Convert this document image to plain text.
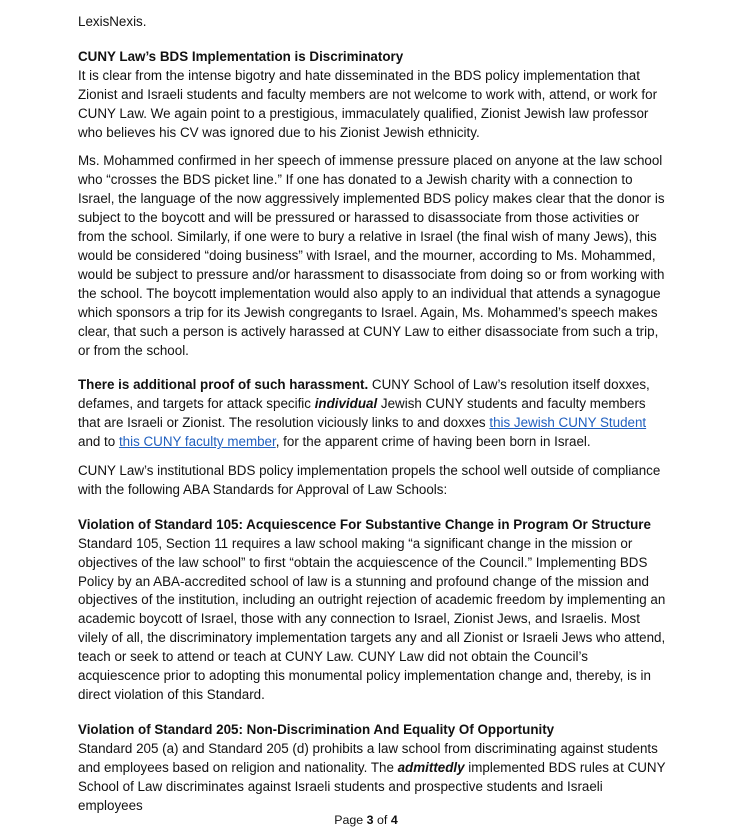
LexisNexis.

CUNY Law’s BDS Implementation is Discriminatory

It is clear from the intense bigotry and hate disseminated in the BDS policy implementation that Zionist and Israeli students and faculty members are not welcome to work with, attend, or work for CUNY Law. We again point to a prestigious, immaculately qualified, Zionist Jewish law professor who believes his CV was ignored due to his Zionist Jewish ethnicity.

Ms. Mohammed confirmed in her speech of immense pressure placed on anyone at the law school who “crosses the BDS picket line.” If one has donated to a Jewish charity with a connection to Israel, the language of the now aggressively implemented BDS policy makes clear that the donor is subject to the boycott and will be pressured or harassed to disassociate from those activities or from the school. Similarly, if one were to bury a relative in Israel (the final wish of many Jews), this would be considered “doing business” with Israel, and the mourner, according to Ms. Mohammed, would be subject to pressure and/or harassment to disassociate from doing so or from working with the school. The boycott implementation would also apply to an individual that attends a synagogue which sponsors a trip for its Jewish congregants to Israel. Again, Ms. Mohammed’s speech makes clear, that such a person is actively harassed at CUNY Law to either disassociate from such a trip, or from the school.

There is additional proof of such harassment. CUNY School of Law’s resolution itself doxxes, defames, and targets for attack specific individual Jewish CUNY students and faculty members that are Israeli or Zionist. The resolution viciously links to and doxxes this Jewish CUNY Student and to this CUNY faculty member, for the apparent crime of having been born in Israel.

CUNY Law’s institutional BDS policy implementation propels the school well outside of compliance with the following ABA Standards for Approval of Law Schools:

Violation of Standard 105: Acquiescence For Substantive Change in Program Or Structure

Standard 105, Section 11 requires a law school making “a significant change in the mission or objectives of the law school” to first “obtain the acquiescence of the Council.” Implementing BDS Policy by an ABA-accredited school of law is a stunning and profound change of the mission and objectives of the institution, including an outright rejection of academic freedom by implementing an academic boycott of Israel, those with any connection to Israel, Zionist Jews, and Israelis. Most vilely of all, the discriminatory implementation targets any and all Zionist or Israeli Jews who attend, teach or seek to attend or teach at CUNY Law. CUNY Law did not obtain the Council’s acquiescence prior to adopting this monumental policy implementation change and, thereby, is in direct violation of this Standard.

Violation of Standard 205: Non-Discrimination And Equality Of Opportunity

Standard 205 (a) and Standard 205 (d) prohibits a law school from discriminating against students and employees based on religion and nationality. The admittedly implemented BDS rules at CUNY School of Law discriminates against Israeli students and prospective students and Israeli employees

Page 3 of 4
